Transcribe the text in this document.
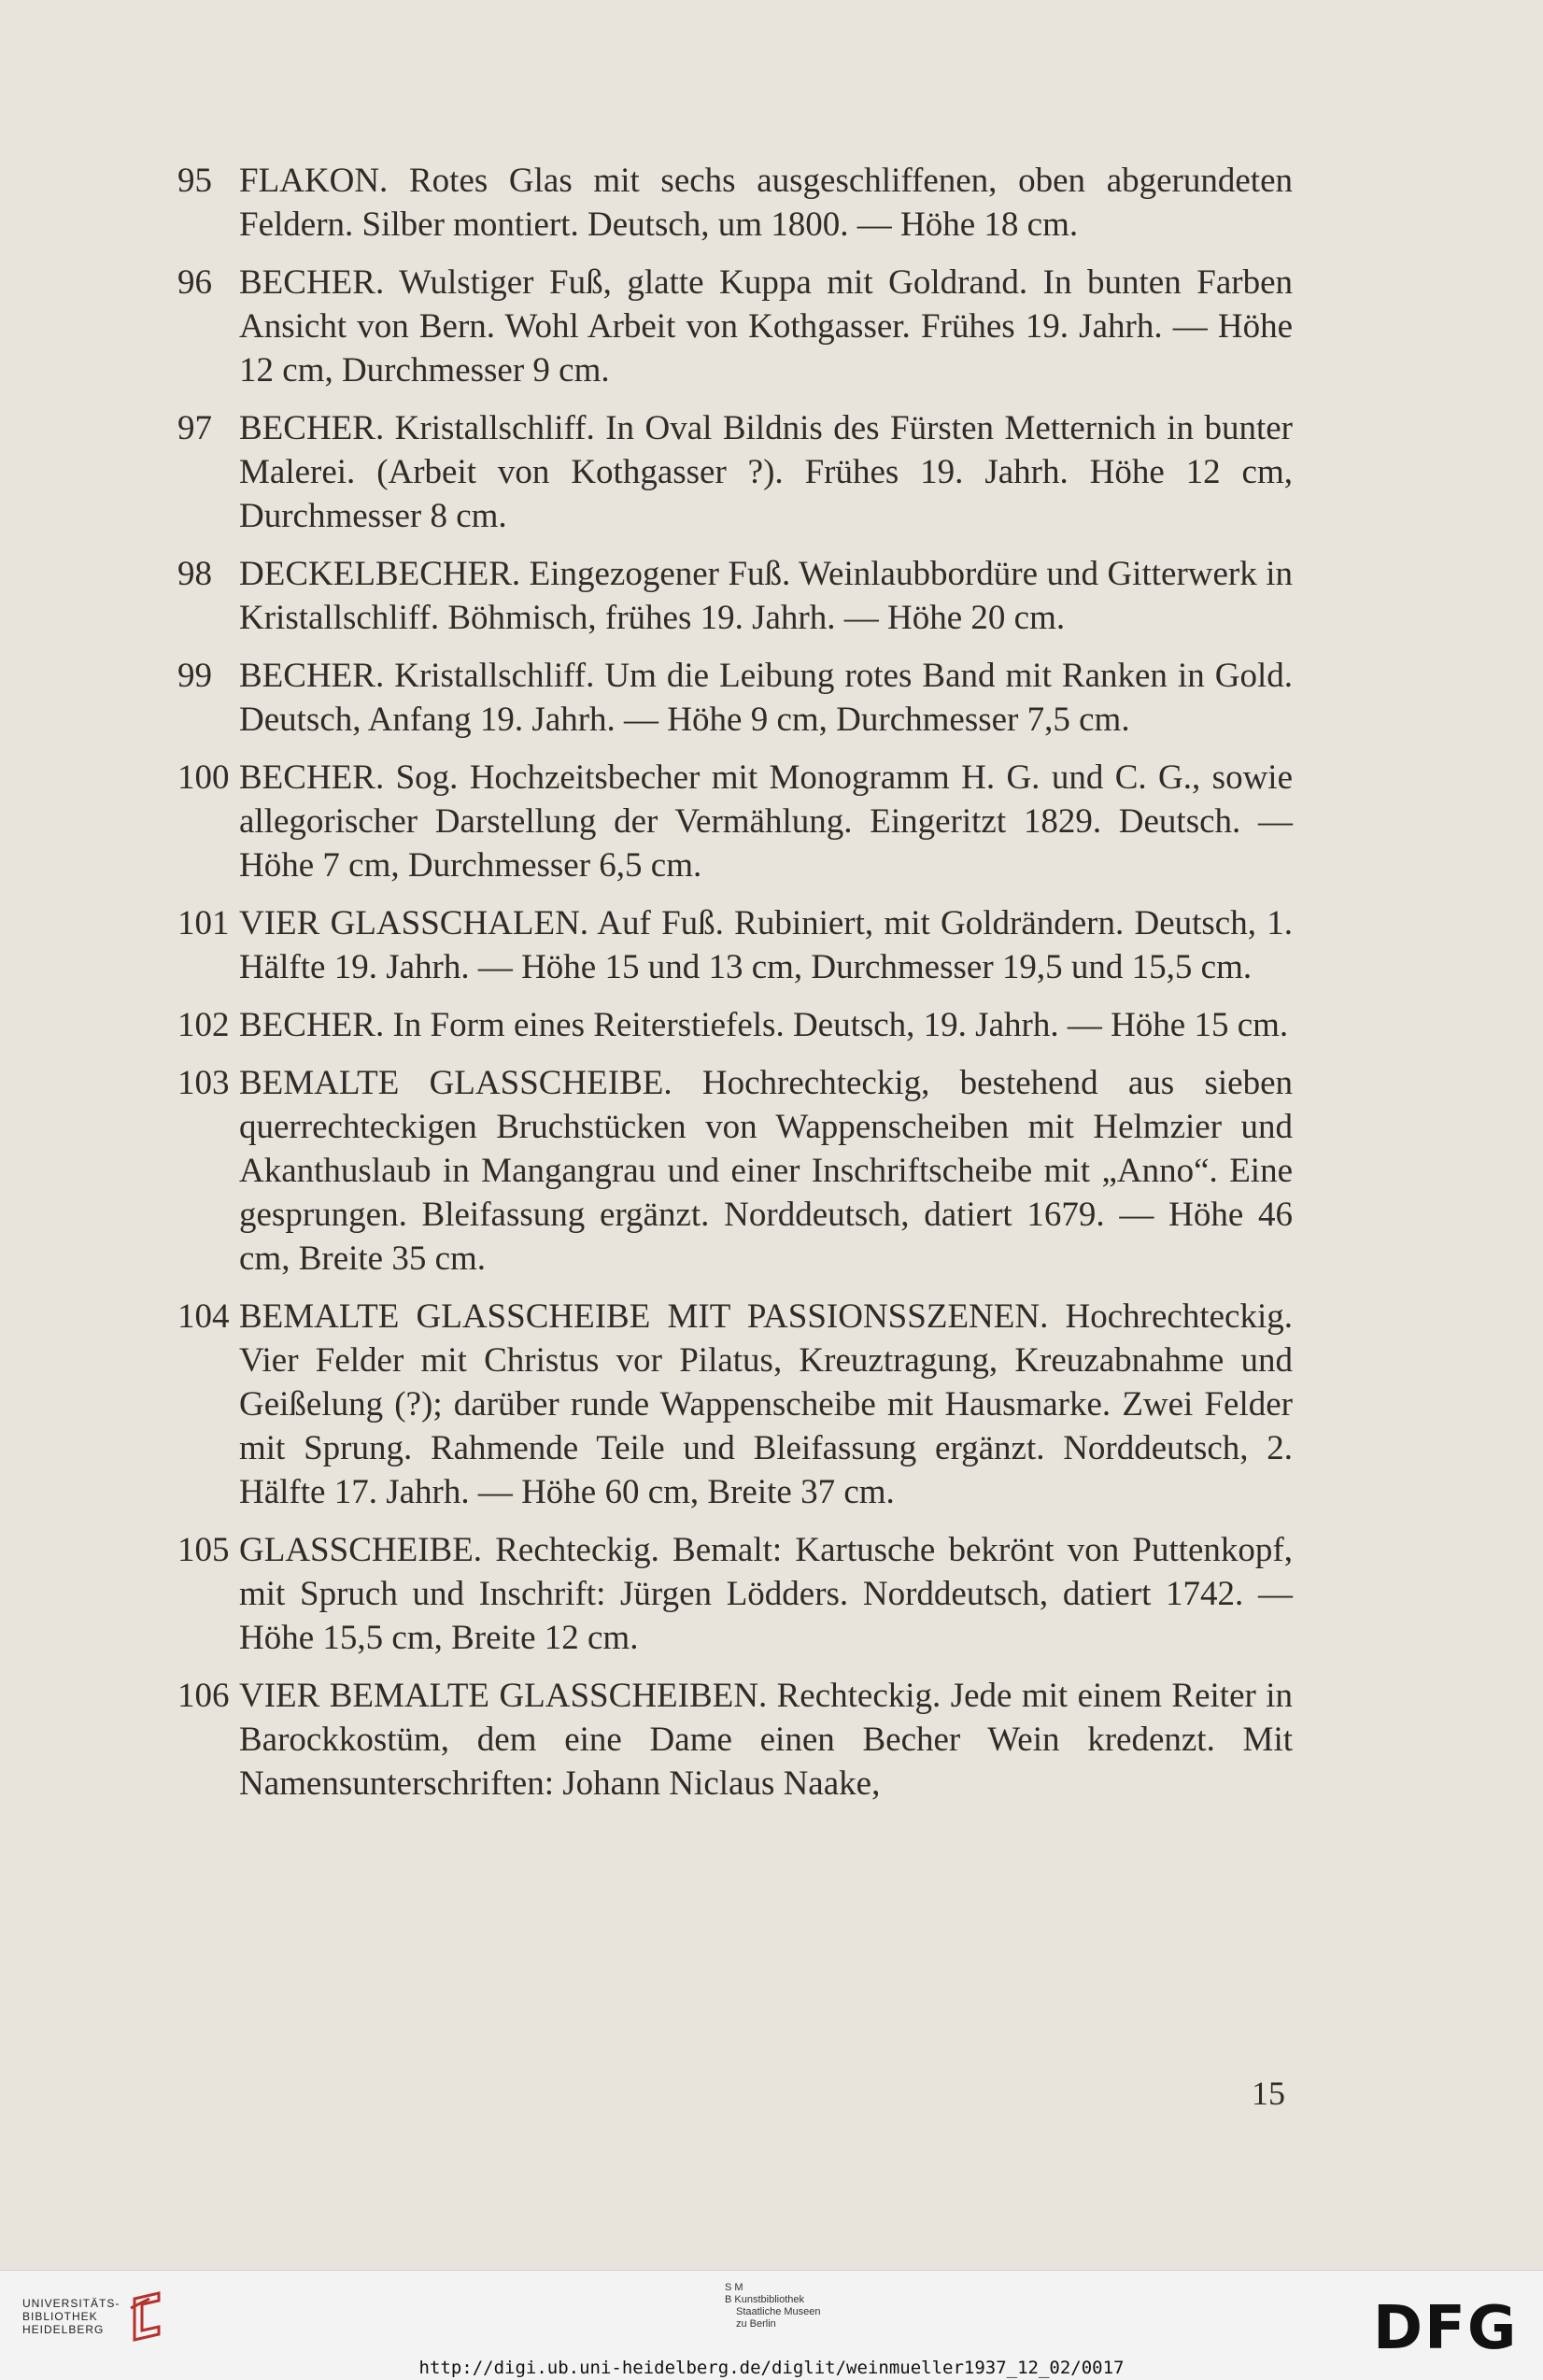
95 FLAKON. Rotes Glas mit sechs ausgeschliffenen, oben abgerundeten Feldern. Silber montiert. Deutsch, um 1800. — Höhe 18 cm.
96 BECHER. Wulstiger Fuß, glatte Kuppa mit Goldrand. In bunten Farben Ansicht von Bern. Wohl Arbeit von Kothgasser. Frühes 19. Jahrh. — Höhe 12 cm, Durchmesser 9 cm.
97 BECHER. Kristallschliff. In Oval Bildnis des Fürsten Metternich in bunter Malerei. (Arbeit von Kothgasser ?). Frühes 19. Jahrh. Höhe 12 cm, Durchmesser 8 cm.
98 DECKELBECHER. Eingezogener Fuß. Weinlaubbordüre und Gitterwerk in Kristallschliff. Böhmisch, frühes 19. Jahrh. — Höhe 20 cm.
99 BECHER. Kristallschliff. Um die Leibung rotes Band mit Ranken in Gold. Deutsch, Anfang 19. Jahrh. — Höhe 9 cm, Durchmesser 7,5 cm.
100 BECHER. Sog. Hochzeitsbecher mit Monogramm H. G. und C. G., sowie allegorischer Darstellung der Vermählung. Eingeritzt 1829. Deutsch. — Höhe 7 cm, Durchmesser 6,5 cm.
101 VIER GLASSCHALEN. Auf Fuß. Rubiniert, mit Goldrändern. Deutsch, 1. Hälfte 19. Jahrh. — Höhe 15 und 13 cm, Durchmesser 19,5 und 15,5 cm.
102 BECHER. In Form eines Reiterstiefels. Deutsch, 19. Jahrh. — Höhe 15 cm.
103 BEMALTE GLASSCHEIBE. Hochrechteckig, bestehend aus sieben querrechteckigen Bruchstücken von Wappenscheiben mit Helmzier und Akanthuslaub in Mangangrau und einer Inschriftscheibe mit „Anno“. Eine gesprungen. Bleifassung ergänzt. Norddeutsch, datiert 1679. — Höhe 46 cm, Breite 35 cm.
104 BEMALTE GLASSCHEIBE MIT PASSIONSSZENEN. Hochrechteckig. Vier Felder mit Christus vor Pilatus, Kreuztragung, Kreuzabnahme und Geißelung (?); darüber runde Wappenscheibe mit Hausmarke. Zwei Felder mit Sprung. Rahmende Teile und Bleifassung ergänzt. Norddeutsch, 2. Hälfte 17. Jahrh. — Höhe 60 cm, Breite 37 cm.
105 GLASSCHEIBE. Rechteckig. Bemalt: Kartusche bekrönt von Puttenkopf, mit Spruch und Inschrift: Jürgen Lödders. Norddeutsch, datiert 1742. — Höhe 15,5 cm, Breite 12 cm.
106 VIER BEMALTE GLASSCHEIBEN. Rechteckig. Jede mit einem Reiter in Barockkostüm, dem eine Dame einen Becher Wein kredenzt. Mit Namensunterschriften: Johann Niclaus Naake,
15
UNIVERSITÄTS-
BIBLIOTHEK
HEIDELBERG
S M
B Kunstbibliothek
Staatliche Museen
zu Berlin	DFG
http://digi.ub.uni-heidelberg.de/diglit/weinmueller1937_12_02/0017
